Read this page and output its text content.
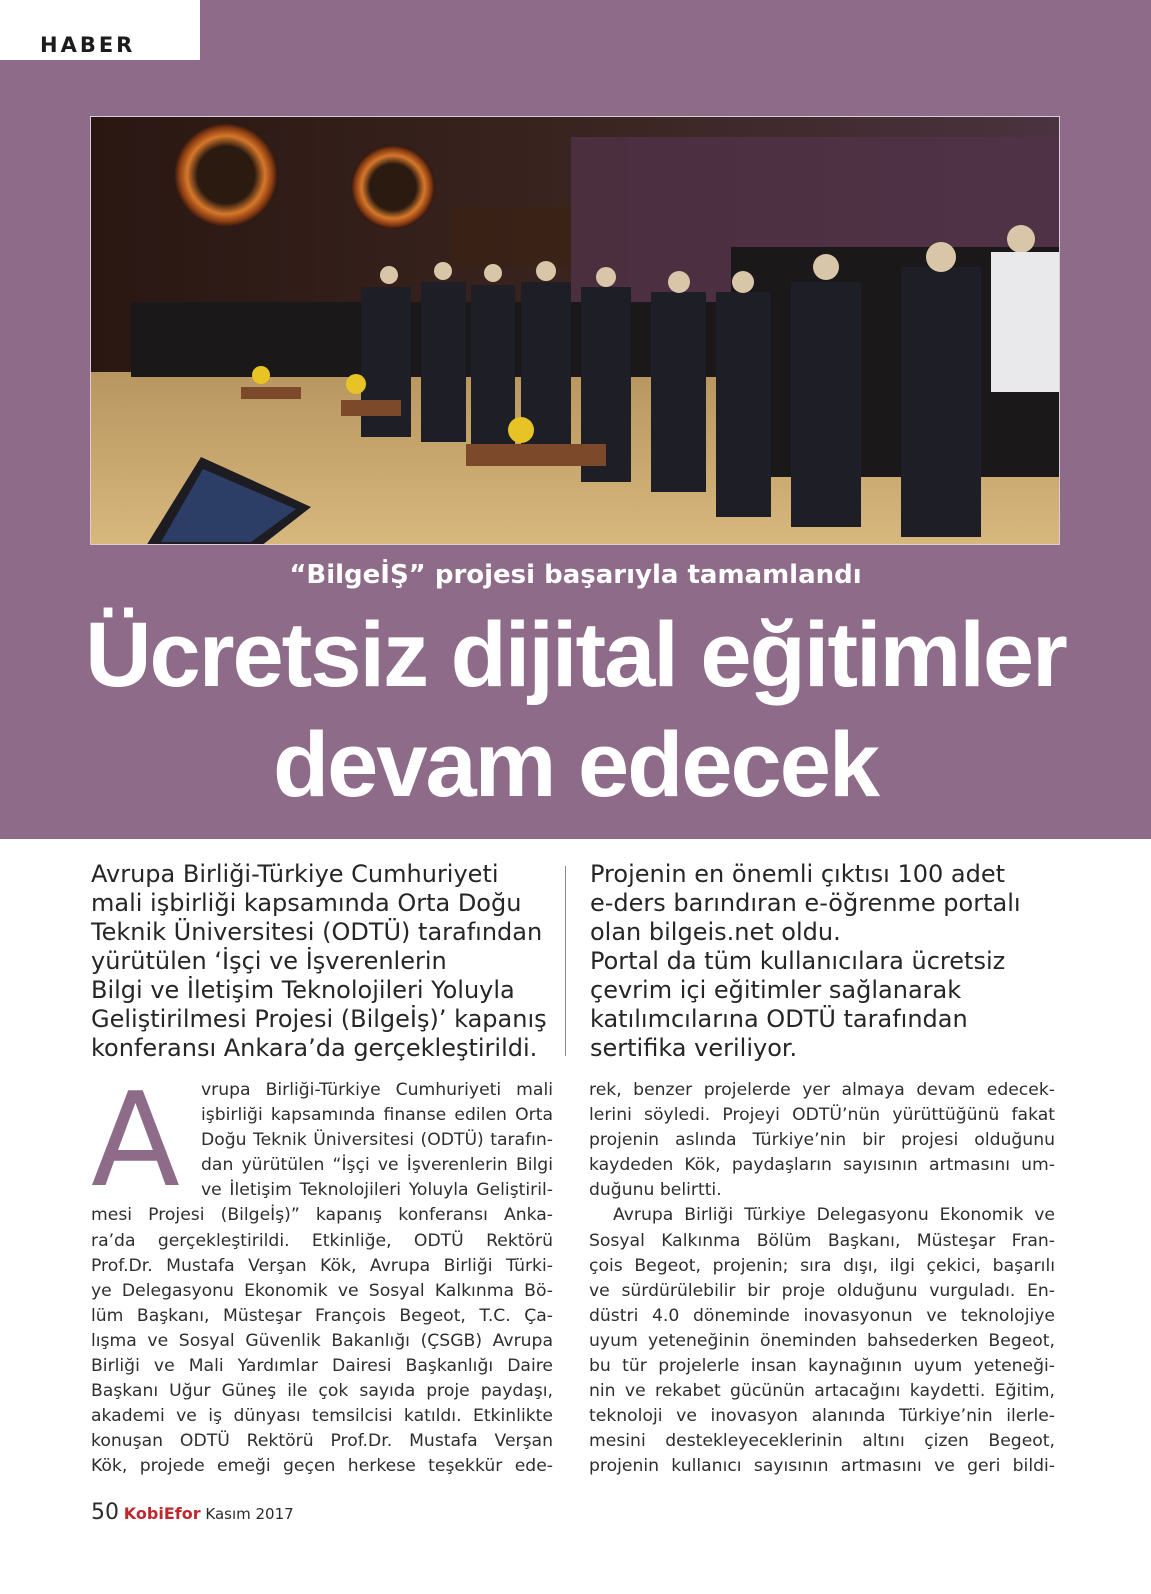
HABER
“BilgeİŞ” projesi başarıyla tamamlandı
Ücretsiz dijital eğitimler
devam edecek
Avrupa Birliği-Türkiye Cumhuriyeti
mali işbirliği kapsamında Orta Doğu
Teknik Üniversitesi (ODTÜ) tarafından
yürütülen ‘İşçi ve İşverenlerin
Bilgi ve İletişim Teknolojileri Yoluyla
Geliştirilmesi Projesi (Bilgeİş)’ kapanış
konferansı Ankara’da gerçekleştirildi.
Projenin en önemli çıktısı 100 adet
e-ders barındıran e-öğrenme portalı
olan bilgeis.net oldu.
Portal da tüm kullanıcılara ücretsiz
çevrim içi eğitimler sağlanarak
katılımcılarına ODTÜ tarafından
sertifika veriliyor.
A	vrupa Birliği-Türkiye Cumhuriyeti mali
işbirliği kapsamında finanse edilen Orta
Doğu Teknik Üniversitesi (ODTÜ) tarafın-
dan yürütülen “İşçi ve İşverenlerin Bilgi
ve İletişim Teknolojileri Yoluyla Geliştiril-
mesi Projesi (Bilgeİş)” kapanış konferansı Anka-
ra’da gerçekleştirildi. Etkinliğe, ODTÜ Rektörü
Prof.Dr. Mustafa Verşan Kök, Avrupa Birliği Türki-
ye Delegasyonu Ekonomik ve Sosyal Kalkınma Bö-
lüm Başkanı, Müsteşar François Begeot, T.C. Ça-
lışma ve Sosyal Güvenlik Bakanlığı (ÇSGB) Avrupa
Birliği ve Mali Yardımlar Dairesi Başkanlığı Daire
Başkanı Uğur Güneş ile çok sayıda proje paydaşı,
akademi ve iş dünyası temsilcisi katıldı. Etkinlikte
konuşan ODTÜ Rektörü Prof.Dr. Mustafa Verşan
Kök, projede emeği geçen herkese teşekkür ede-
rek, benzer projelerde yer almaya devam edecek-
lerini söyledi. Projeyi ODTÜ’nün yürüttüğünü fakat
projenin aslında Türkiye’nin bir projesi olduğunu
kaydeden Kök, paydaşların sayısının artmasını um-
duğunu belirtti.
Avrupa Birliği Türkiye Delegasyonu Ekonomik ve
Sosyal Kalkınma Bölüm Başkanı, Müsteşar Fran-
çois Begeot, projenin; sıra dışı, ilgi çekici, başarılı
ve sürdürülebilir bir proje olduğunu vurguladı. En-
düstri 4.0 döneminde inovasyonun ve teknolojiye
uyum yeteneğinin öneminden bahsederken Begeot,
bu tür projelerle insan kaynağının uyum yeteneği-
nin ve rekabet gücünün artacağını kaydetti. Eğitim,
teknoloji ve inovasyon alanında Türkiye’nin ilerle-
mesini destekleyeceklerinin altını çizen Begeot,
projenin kullanıcı sayısının artmasını ve geri bildi-
50 KobiEfor Kasım 2017
